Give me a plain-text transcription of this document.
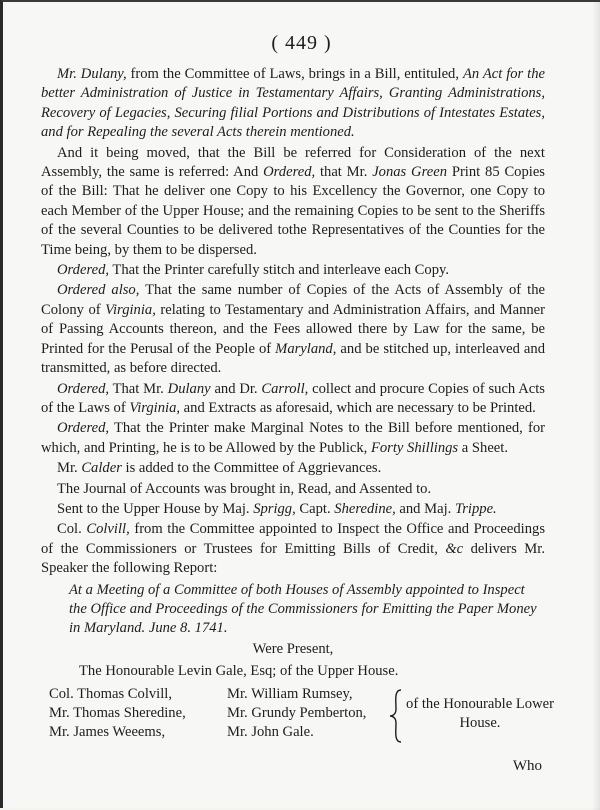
( 449 )
Mr. Dulany, from the Committee of Laws, brings in a Bill, entituled, An Act for the better Administration of Justice in Testamentary Affairs, Granting Administrations, Recovery of Legacies, Securing filial Portions and Distributions of Intestates Estates, and for Repealing the several Acts therein mentioned.
And it being moved, that the Bill be referred for Consideration of the next Assembly, the same is referred: And Ordered, that Mr. Jonas Green Print 85 Copies of the Bill: That he deliver one Copy to his Excellency the Governor, one Copy to each Member of the Upper House; and the remaining Copies to be sent to the Sheriffs of the several Counties to be delivered tothe Representatives of the Counties for the Time being, by them to be dispersed.
Ordered, That the Printer carefully stitch and interleave each Copy.
Ordered also, That the same number of Copies of the Acts of Assembly of the Colony of Virginia, relating to Testamentary and Administration Affairs, and Manner of Passing Accounts thereon, and the Fees allowed there by Law for the same, be Printed for the Perusal of the People of Maryland, and be stitched up, interleaved and transmitted, as before directed.
Ordered, That Mr. Dulany and Dr. Carroll, collect and procure Copies of such Acts of the Laws of Virginia, and Extracts as aforesaid, which are necessary to be Printed.
Ordered, That the Printer make Marginal Notes to the Bill before mentioned, for which, and Printing, he is to be Allowed by the Publick, Forty Shillings a Sheet.
Mr. Calder is added to the Committee of Aggrievances.
The Journal of Accounts was brought in, Read, and Assented to.
Sent to the Upper House by Maj. Sprigg, Capt. Sheredine, and Maj. Trippe.
Col. Colvill, from the Committee appointed to Inspect the Office and Proceedings of the Commissioners or Trustees for Emitting Bills of Credit, &c delivers Mr. Speaker the following Report:
At a Meeting of a Committee of both Houses of Assembly appointed to Inspect the Office and Proceedings of the Commissioners for Emitting the Paper Money in Maryland. June 8. 1741.
Were Present,
The Honourable Levin Gale, Esq; of the Upper House.
Col. Thomas Colvill,
Mr. Thomas Sheredine,
Mr. James Weeems,
Mr. William Rumsey,
Mr. Grundy Pemberton,
Mr. John Gale.
of the Honourable Lower House.
Who
